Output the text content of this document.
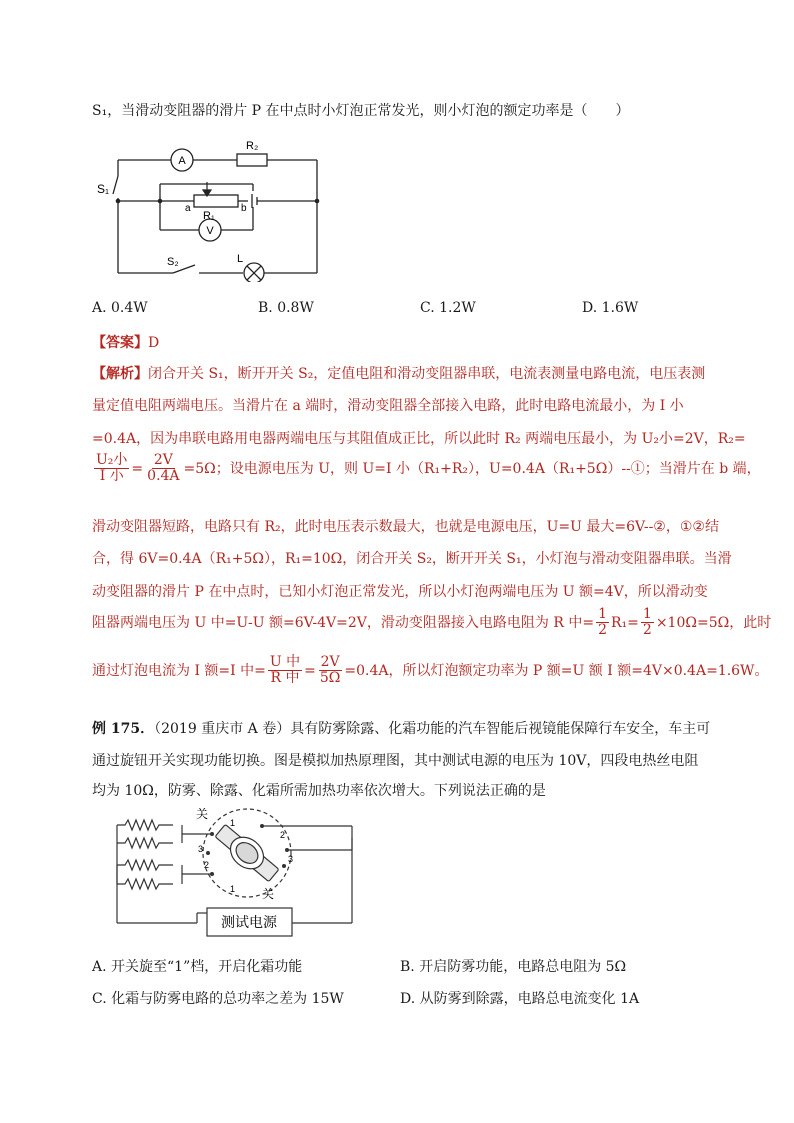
S₁，当滑动变阻器的滑片 P 在中点时小灯泡正常发光，则小灯泡的额定功率是（　　）
A
R₂
S₁
a	b
R₁
V
S₂	L
A. 0.4W	B. 0.8W	C. 1.2W	D. 1.6W
【答案】D
【解析】闭合开关 S₁，断开开关 S₂，定值电阻和滑动变阻器串联，电流表测量电路电流，电压表测
量定值电阻两端电压。当滑片在 a 端时，滑动变阻器全部接入电路，此时电路电流最小，为 I 小
=0.4A，因为串联电路用电器两端电压与其阻值成正比，所以此时 R₂ 两端电压最小，为 U₂小=2V，R₂=
$\frac{\text{U₂小}}{\text{I 小}} = \frac{2V}{0.4A} =5\Omega$；设电源电压为 U，则 U=I 小（R₁+R₂），U=0.4A（R₁+5Ω）--①；当滑片在 b 端，
滑动变阻器短路，电路只有 R₂，此时电压表示数最大，也就是电源电压，U=U 最大=6V--②，①②结
合，得 6V=0.4A（R₁+5Ω），R₁=10Ω，闭合开关 S₂，断开开关 S₁，小灯泡与滑动变阻器串联。当滑
动变阻器的滑片 P 在中点时，已知小灯泡正常发光，所以小灯泡两端电压为 U 额=4V，所以滑动变
阻器两端电压为 U 中=U-U 额=6V-4V=2V，滑动变阻器接入电路电阻为 R 中= $\frac{1}{2} R_1= \frac{1}{2} \times 10\Omega=5\Omega$，此时
通过灯泡电流为 I 额=I 中= $\frac{\text{U 中}}{\text{R 中}} = \frac{2V}{5\Omega} =0.4A$，所以灯泡额定功率为 P 额=U 额 I 额=4V×0.4A=1.6W。
例 175．（2019 重庆市 A 卷）具有防雾除露、化霜功能的汽车智能后视镜能保障行车安全，车主可
通过旋钮开关实现功能切换。图是模拟加热原理图，其中测试电源的电压为 10V，四段电热丝电阻
均为 10Ω，防雾、除露、化霜所需加热功率依次增大。下列说法正确的是
关
关
1
2
3
3
2
1
测试电源
A. 开关旋至“1”档，开启化霜功能	B. 开启防雾功能，电路总电阻为 5Ω
C. 化霜与防雾电路的总功率之差为 15W	D. 从防雾到除露，电路总电流变化 1A
